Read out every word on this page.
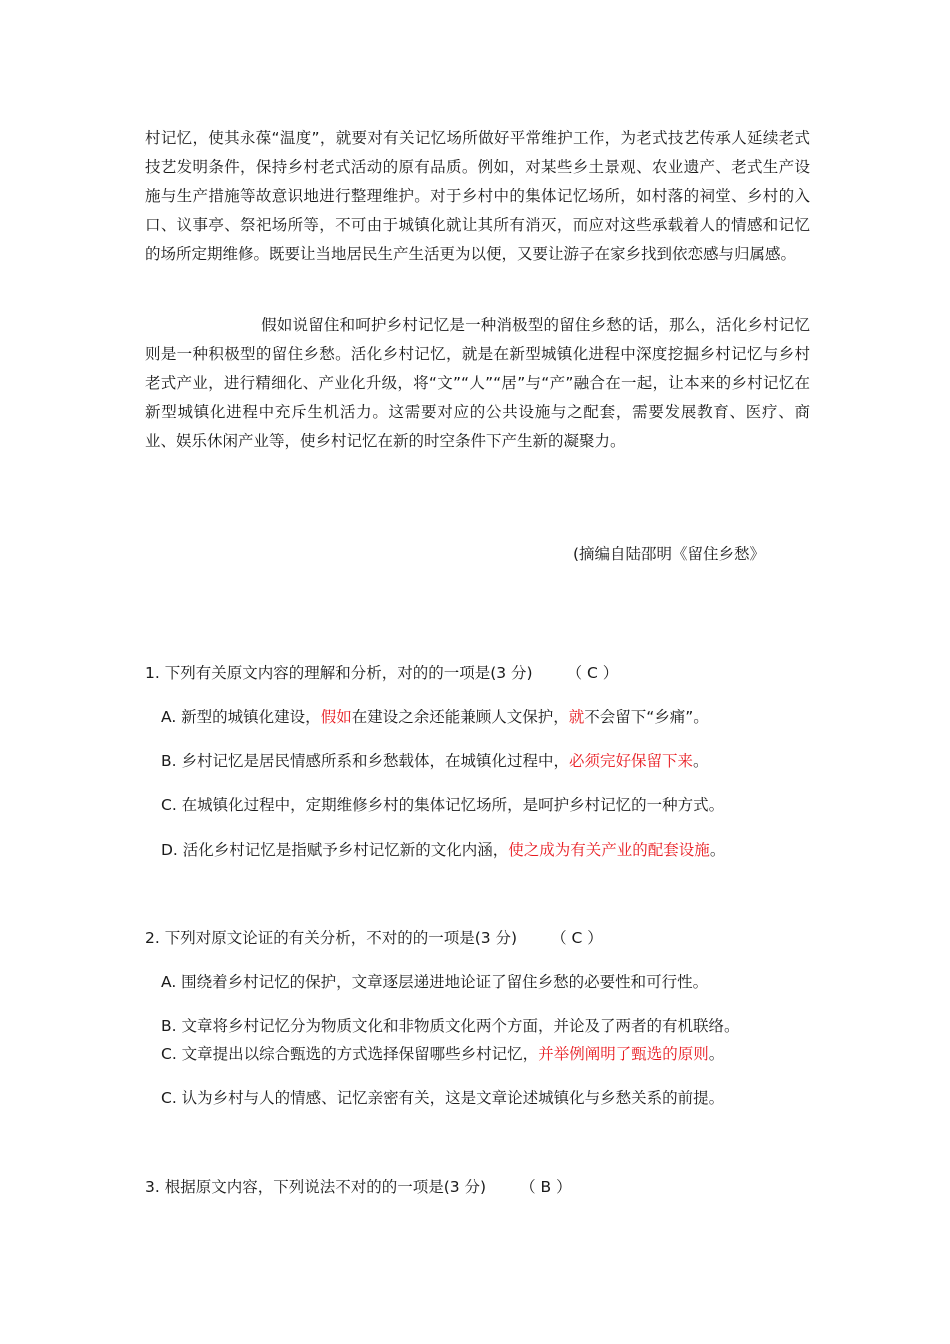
村记忆，使其永葆“温度”，就要对有关记忆场所做好平常维护工作，为老式技艺传承人延续老式技艺发明条件，保持乡村老式活动的原有品质。例如，对某些乡土景观、农业遗产、老式生产设施与生产措施等故意识地进行整理维护。对于乡村中的集体记忆场所，如村落的祠堂、乡村的入口、议事亭、祭祀场所等，不可由于城镇化就让其所有消灭，而应对这些承载着人的情感和记忆的场所定期维修。既要让当地居民生产生活更为以便，又要让游子在家乡找到依恋感与归属感。

假如说留住和呵护乡村记忆是一种消极型的留住乡愁的话，那么，活化乡村记忆则是一种积极型的留住乡愁。活化乡村记忆，就是在新型城镇化进程中深度挖掘乡村记忆与乡村老式产业，进行精细化、产业化升级，将“文”“人”“居”与“产”融合在一起，让本来的乡村记忆在新型城镇化进程中充斥生机活力。这需要对应的公共设施与之配套，需要发展教育、医疗、商业、娱乐休闲产业等，使乡村记忆在新的时空条件下产生新的凝聚力。

(摘编自陆邵明《留住乡愁》
1. 下列有关原文内容的理解和分析，对的的一项是(3 分) （ C ）
A. 新型的城镇化建设，假如在建设之余还能兼顾人文保护，就不会留下“乡痛”。
B. 乡村记忆是居民情感所系和乡愁载体，在城镇化过程中，必须完好保留下来。
C. 在城镇化过程中，定期维修乡村的集体记忆场所，是呵护乡村记忆的一种方式。
D. 活化乡村记忆是指赋予乡村记忆新的文化内涵，使之成为有关产业的配套设施。
2. 下列对原文论证的有关分析，不对的的一项是(3 分) （ C ）
A. 围绕着乡村记忆的保护，文章逐层递进地论证了留住乡愁的必要性和可行性。
B. 文章将乡村记忆分为物质文化和非物质文化两个方面，并论及了两者的有机联络。
C. 文章提出以综合甄选的方式选择保留哪些乡村记忆，并举例阐明了甄选的原则。
C. 认为乡村与人的情感、记忆亲密有关，这是文章论述城镇化与乡愁关系的前提。
3. 根据原文内容，下列说法不对的的一项是(3 分) （ B ）
